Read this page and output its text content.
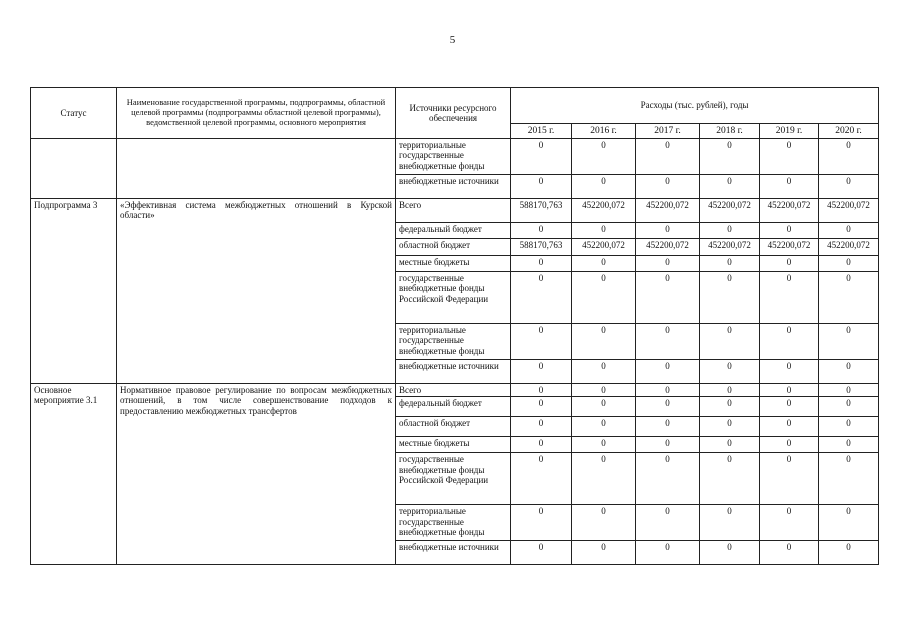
5
Статус	Наименование государственной программы, подпрограммы, областной целевой программы (подпрограммы областной целевой программы), ведомственной целевой программы, основного мероприятия	Источники ресурсного обеспечения	Расходы (тыс. рублей), годы					
			2015 г.	2016 г.	2017 г.	2018 г.	2019 г.	2020 г.
		территориальные государственные внебюджетные фонды	0	0	0	0	0	0
		внебюджетные источники	0	0	0	0	0	0
Подпрограмма 3	«Эффективная система межбюджетных отношений в Курской области»	Всего	588170,763	452200,072	452200,072	452200,072	452200,072	452200,072
		федеральный бюджет	0	0	0	0	0	0
		областной бюджет	588170,763	452200,072	452200,072	452200,072	452200,072	452200,072
		местные бюджеты	0	0	0	0	0	0
		государственные внебюджетные фонды Российской Федерации	0	0	0	0	0	0
		территориальные государственные внебюджетные фонды	0	0	0	0	0	0
		внебюджетные источники	0	0	0	0	0	0
Основное мероприятие 3.1	Нормативное правовое регулирование по вопросам межбюджетных отношений, в том числе совершенствование подходов к предоставлению межбюджетных трансфертов	Всего	0	0	0	0	0	0
		федеральный бюджет	0	0	0	0	0	0
		областной бюджет	0	0	0	0	0	0
		местные бюджеты	0	0	0	0	0	0
		государственные внебюджетные фонды Российской Федерации	0	0	0	0	0	0
		территориальные государственные внебюджетные фонды	0	0	0	0	0	0
		внебюджетные источники	0	0	0	0	0	0
